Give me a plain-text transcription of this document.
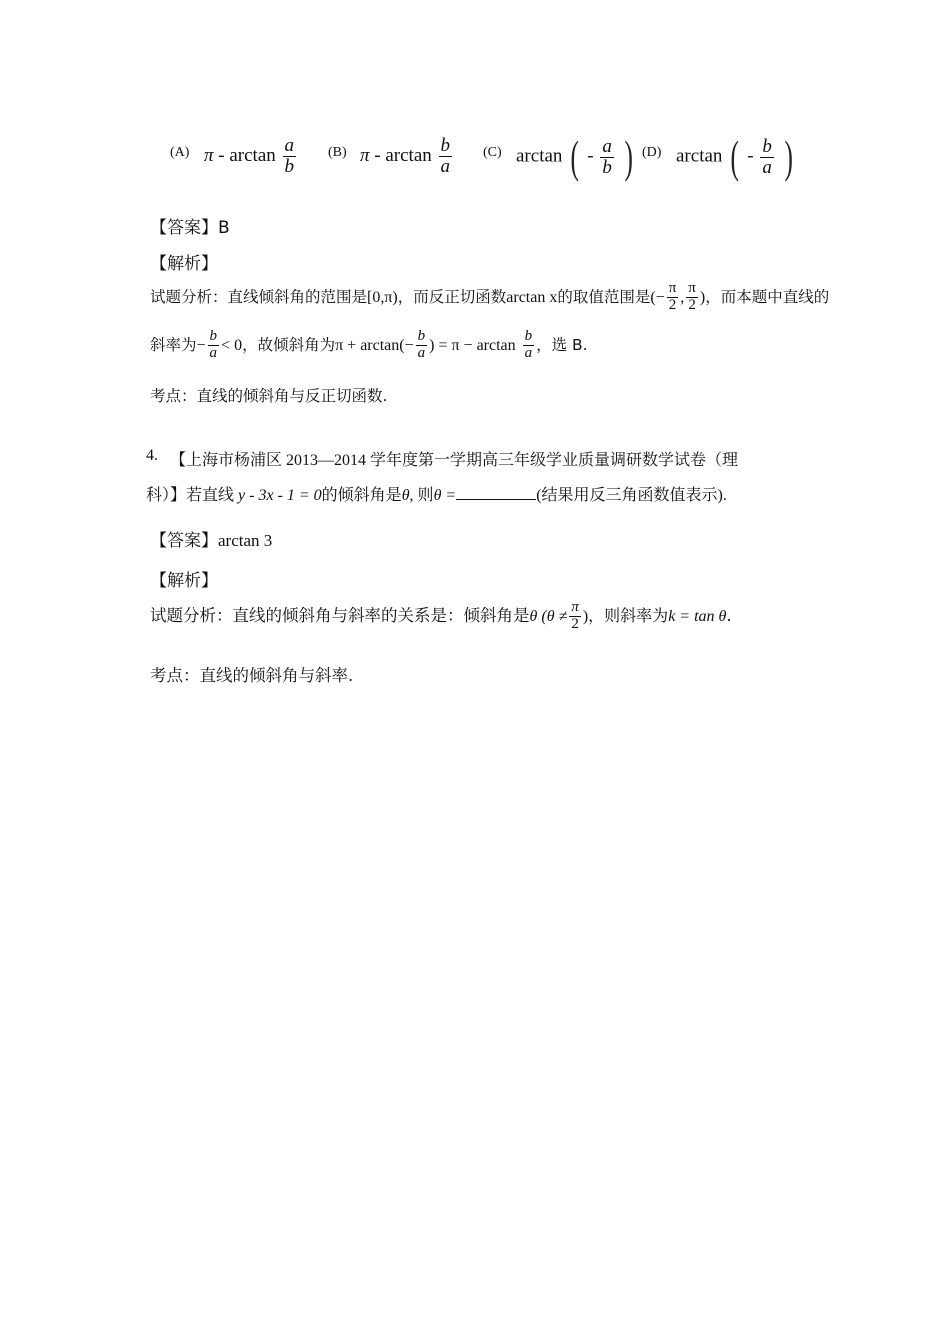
(A) π - $\arctan \frac{a}{b} (B)$ π - $\arctan \frac{b}{a} (C)$ arctan ( - $\frac{a}{b}$ ) (D) arctan ( - $\frac{b}{a}$ )
【答案】B
【解析】
试题分析：直线倾斜角的范围是[0,π)，而反正切函数arctan x的取值范围是(− $\frac{\pi}{2}$ , $\frac{\pi}{2}$ )，而本题中直线的
斜率为− $\frac{b}{a} < 0$，故倾斜角为$\pi + \arctan(- \frac{b}{a}$ ) = $\pi - \arctan \frac{b}{a}$ ，选 B.
考点：直线的倾斜角与反正切函数.
4. 【上海市杨浦区 2013—2014 学年度第一学期高三年级学业质量调研数学试卷（理
科）】若直线 y - 3x - 1 = 0的倾斜角是θ, 则θ =	(结果用反三角函数值表示).
【答案】arctan 3
【解析】
试题分析：直线的倾斜角与斜率的关系是：倾斜角是θ ($\theta \ne \frac{\pi}{2}$ )，则斜率为k = tan θ.
考点：直线的倾斜角与斜率.
